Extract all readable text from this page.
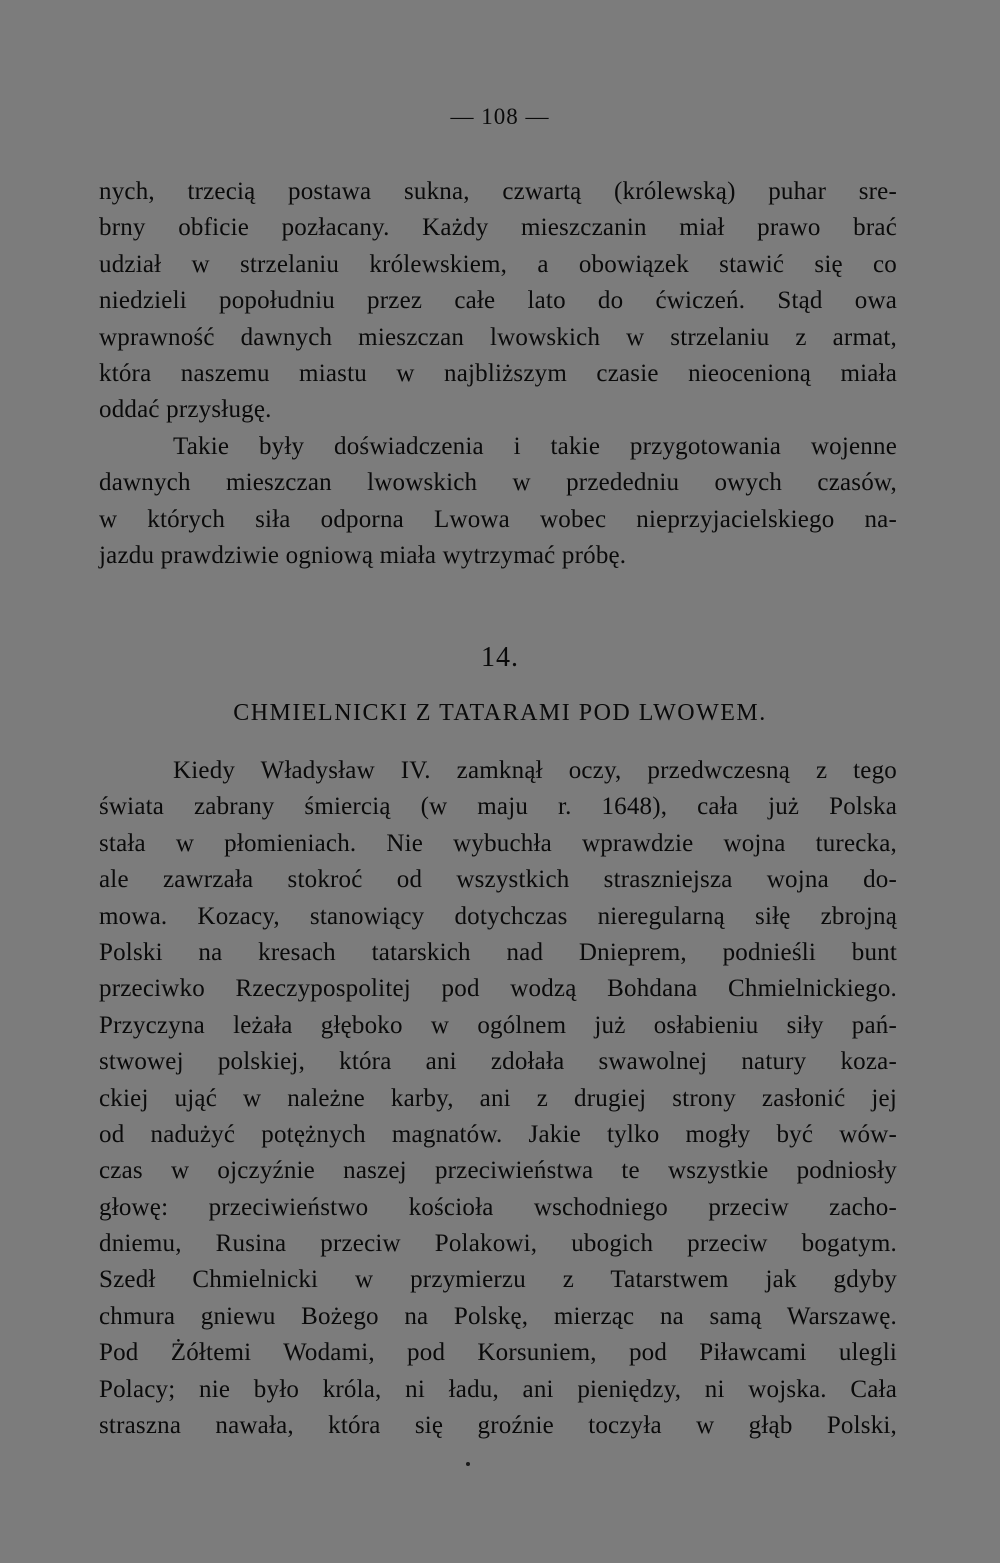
— 108 —
nych, trzecią postawa sukna, czwartą (królewską) puhar sre-
brny obficie pozłacany. Każdy mieszczanin miał prawo brać
udział w strzelaniu królewskiem, a obowiązek stawić się co
niedzieli popołudniu przez całe lato do ćwiczeń. Stąd owa
wprawność dawnych mieszczan lwowskich w strzelaniu z armat,
która naszemu miastu w najbliższym czasie nieocenioną miała
oddać przysługę.
Takie były doświadczenia i takie przygotowania wojenne
dawnych mieszczan lwowskich w przededniu owych czasów,
w których siła odporna Lwowa wobec nieprzyjacielskiego na-
jazdu prawdziwie ogniową miała wytrzymać próbę.
14.
CHMIELNICKI Z TATARAMI POD LWOWEM.
Kiedy Władysław IV. zamknął oczy, przedwczesną z tego
świata zabrany śmiercią (w maju r. 1648), cała już Polska
stała w płomieniach. Nie wybuchła wprawdzie wojna turecka,
ale zawrzała stokroć od wszystkich straszniejsza wojna do-
mowa. Kozacy, stanowiący dotychczas nieregularną siłę zbrojną
Polski na kresach tatarskich nad Dnieprem, podnieśli bunt
przeciwko Rzeczypospolitej pod wodzą Bohdana Chmielnickiego.
Przyczyna leżała głęboko w ogólnem już osłabieniu siły pań-
stwowej polskiej, która ani zdołała swawolnej natury koza-
ckiej ująć w należne karby, ani z drugiej strony zasłonić jej
od nadużyć potężnych magnatów. Jakie tylko mogły być wów-
czas w ojczyźnie naszej przeciwieństwa te wszystkie podniosły
głowę: przeciwieństwo kościoła wschodniego przeciw zacho-
dniemu, Rusina przeciw Polakowi, ubogich przeciw bogatym.
Szedł Chmielnicki w przymierzu z Tatarstwem jak gdyby
chmura gniewu Bożego na Polskę, mierząc na samą Warszawę.
Pod Żółtemi Wodami, pod Korsuniem, pod Piławcami ulegli
Polacy; nie było króla, ni ładu, ani pieniędzy, ni wojska. Cała
straszna nawała, która się groźnie toczyła w głąb Polski,
